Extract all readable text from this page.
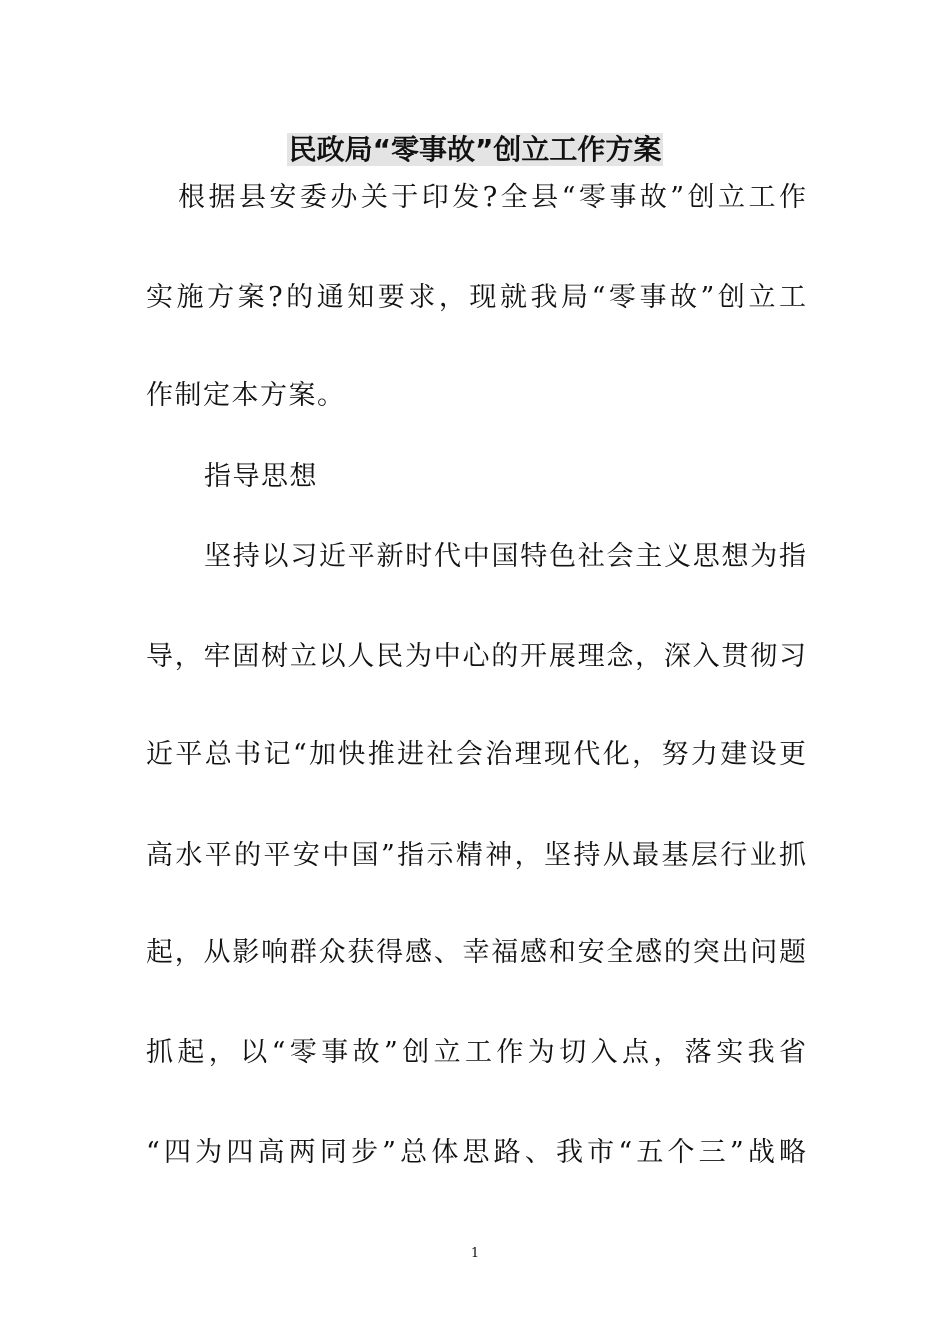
民政局“零事故”创立工作方案
根据县安委办关于印发?全县“零事故”创立工作
实施方案?的通知要求，现就我局“零事故”创立工
作制定本方案。
指导思想
坚持以习近平新时代中国特色社会主义思想为指
导，牢固树立以人民为中心的开展理念，深入贯彻习
近平总书记“加快推进社会治理现代化，努力建设更
高水平的平安中国”指示精神，坚持从最基层行业抓
起，从影响群众获得感、幸福感和安全感的突出问题
抓起，以“零事故”创立工作为切入点，落实我省
“四为四高两同步”总体思路、我市“五个三”战略
1
